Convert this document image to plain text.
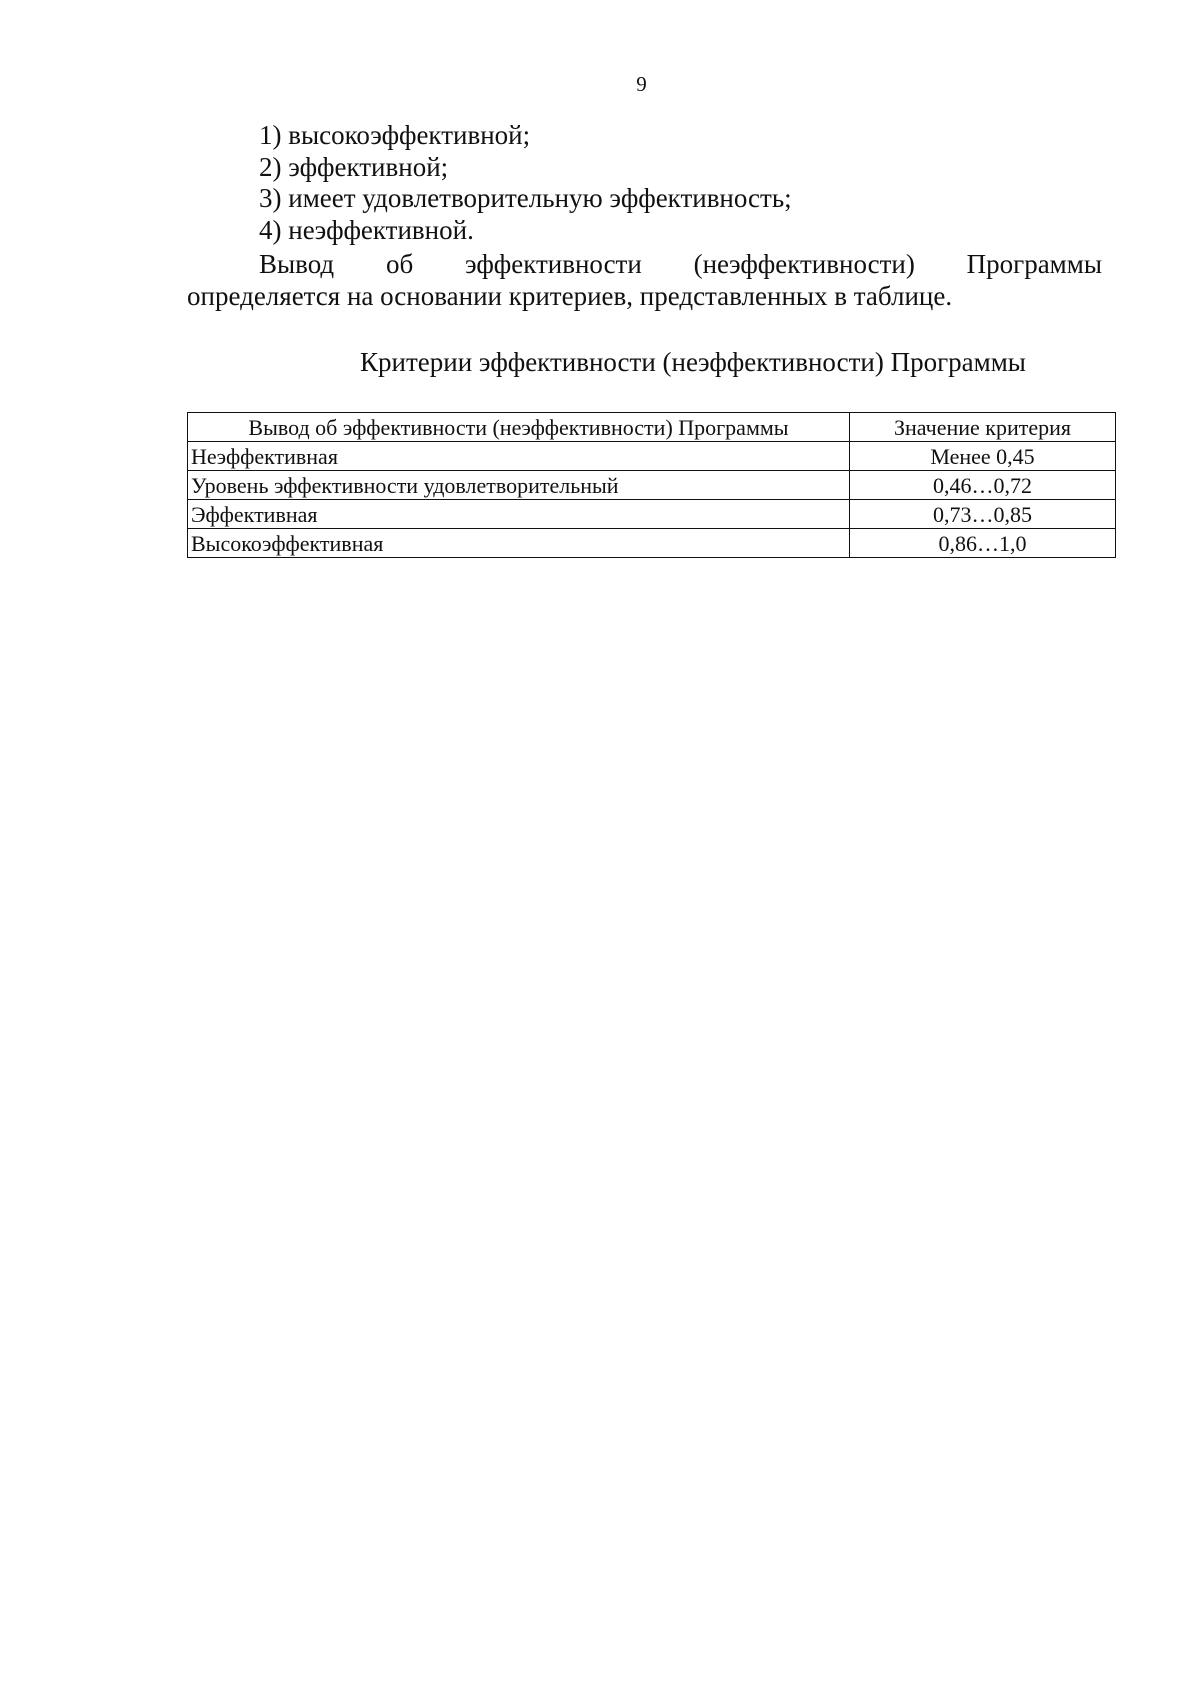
9
1) высокоэффективной;
2) эффективной;
3) имеет удовлетворительную эффективность;
4) неэффективной.

Вывод об эффективности (неэффективности) Программы
определяется на основании критериев, представленных в таблице.

Критерии эффективности (неэффективности) Программы
Вывод об эффективности (неэффективности) Программы	Значение критерия
Неэффективная	Менее 0,45
Уровень эффективности удовлетворительный	0,46…0,72
Эффективная	0,73…0,85
Высокоэффективная	0,86…1,0
